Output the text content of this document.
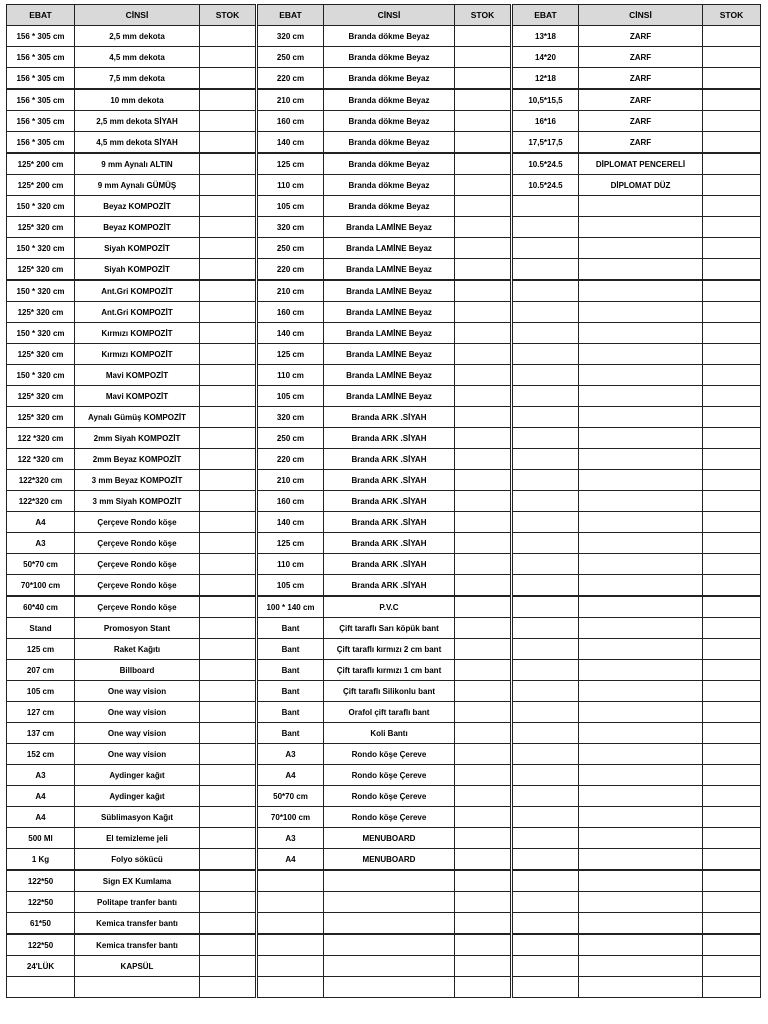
EBAT	CİNSİ	STOK		EBAT	CİNSİ	STOK		EBAT	CİNSİ	STOK
156 * 305 cm	2,5 mm dekota			320 cm	Branda dökme Beyaz			13*18	ZARF	
156 * 305 cm	4,5 mm dekota			250 cm	Branda dökme Beyaz			14*20	ZARF	
156 * 305 cm	7,5 mm dekota			220 cm	Branda dökme Beyaz			12*18	ZARF	
156 * 305 cm	10 mm dekota			210 cm	Branda dökme Beyaz			10,5*15,5	ZARF	
156 * 305 cm	2,5 mm dekota SİYAH			160 cm	Branda dökme Beyaz			16*16	ZARF	
156 * 305 cm	4,5 mm dekota SİYAH			140 cm	Branda dökme Beyaz			17,5*17,5	ZARF	
125* 200 cm	9 mm Aynalı ALTIN			125 cm	Branda dökme Beyaz			10.5*24.5	DİPLOMAT PENCERELİ	
125* 200 cm	9 mm Aynalı GÜMÜŞ			110 cm	Branda dökme Beyaz			10.5*24.5	DİPLOMAT DÜZ	
150 * 320 cm	Beyaz KOMPOZİT			105 cm	Branda dökme Beyaz					
125* 320 cm	Beyaz KOMPOZİT			320 cm	Branda LAMİNE Beyaz					
150 * 320 cm	Siyah KOMPOZİT			250 cm	Branda LAMİNE Beyaz					
125* 320 cm	Siyah KOMPOZİT			220 cm	Branda LAMİNE Beyaz					
150 * 320 cm	Ant.Gri KOMPOZİT			210 cm	Branda LAMİNE Beyaz					
125* 320 cm	Ant.Gri KOMPOZİT			160 cm	Branda LAMİNE Beyaz					
150 * 320 cm	Kırmızı KOMPOZİT			140 cm	Branda LAMİNE Beyaz					
125* 320 cm	Kırmızı KOMPOZİT			125 cm	Branda LAMİNE Beyaz					
150 * 320 cm	Mavi KOMPOZİT			110 cm	Branda LAMİNE Beyaz					
125* 320 cm	Mavi KOMPOZİT			105 cm	Branda LAMİNE Beyaz					
125* 320 cm	Aynalı Gümüş KOMPOZİT			320 cm	Branda ARK .SİYAH					
122 *320 cm	2mm Siyah KOMPOZİT			250 cm	Branda ARK .SİYAH					
122 *320 cm	2mm Beyaz KOMPOZİT			220 cm	Branda ARK .SİYAH					
122*320 cm	3 mm Beyaz KOMPOZİT			210 cm	Branda ARK .SİYAH					
122*320 cm	3 mm Siyah KOMPOZİT			160 cm	Branda ARK .SİYAH					
A4	Çerçeve Rondo köşe			140 cm	Branda ARK .SİYAH					
A3	Çerçeve Rondo köşe			125 cm	Branda ARK .SİYAH					
50*70 cm	Çerçeve Rondo köşe			110 cm	Branda ARK .SİYAH					
70*100 cm	Çerçeve Rondo köşe			105 cm	Branda ARK .SİYAH					
60*40 cm	Çerçeve Rondo köşe			100 * 140 cm	P.V.C					
Stand	Promosyon Stant			Bant	Çift taraflı Sarı köpük bant					
125 cm	Raket Kağıtı			Bant	Çift taraflı kırmızı 2 cm bant					
207 cm	Billboard			Bant	Çift taraflı kırmızı 1 cm bant					
105 cm	One way vision			Bant	Çift taraflı Silikonlu bant					
127 cm	One way vision			Bant	Orafol çift taraflı bant					
137 cm	One way vision			Bant	Koli Bantı					
152 cm	One way vision			A3	Rondo köşe Çereve					
A3	Aydinger kağıt			A4	Rondo köşe Çereve					
A4	Aydinger kağıt			50*70 cm	Rondo köşe Çereve					
A4	Süblimasyon Kağıt			70*100 cm	Rondo köşe Çereve					
500 Ml	El temizleme jeli			A3	MENUBOARD					
1 Kg	Folyo sökücü			A4	MENUBOARD					
122*50	Sign EX Kumlama									
122*50	Politape tranfer bantı									
61*50	Kemica transfer bantı									
122*50	Kemica transfer bantı									
24'LÜK	KAPSÜL									
